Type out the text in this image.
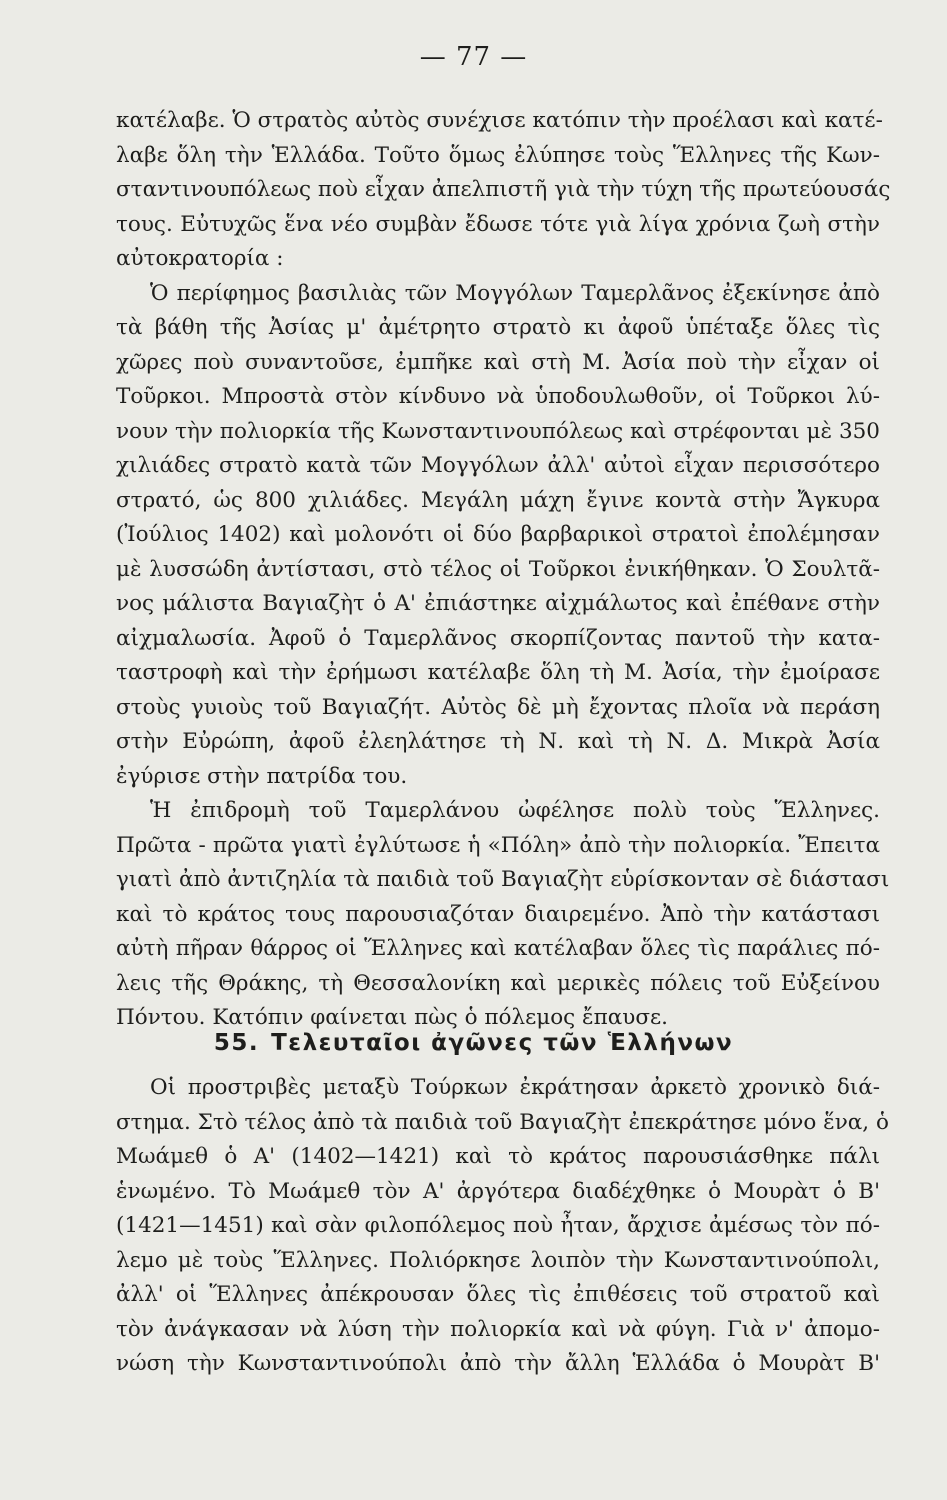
— 77 —
κατέλαβε. Ὁ στρατὸς αὐτὸς συνέχισε κατόπιν τὴν προέλασι καὶ κατέ-
λαβε ὅλη τὴν Ἑλλάδα. Τοῦτο ὅμως ἐλύπησε τοὺς Ἕλληνες τῆς Κων-
σταντινουπόλεως ποὺ εἶχαν ἀπελπιστῆ γιὰ τὴν τύχη τῆς πρωτεύουσάς
τους. Εὐτυχῶς ἕνα νέο συμβὰν ἔδωσε τότε γιὰ λίγα χρόνια ζωὴ στὴν
αὐτοκρατορία :
Ὁ περίφημος βασιλιὰς τῶν Μογγόλων Ταμερλᾶνος ἐξεκίνησε ἀπὸ
τὰ βάθη τῆς Ἀσίας μ' ἀμέτρητο στρατὸ κι ἀφοῦ ὑπέταξε ὅλες τὶς
χῶρες ποὺ συναντοῦσε, ἐμπῆκε καὶ στὴ Μ. Ἀσία ποὺ τὴν εἶχαν οἱ
Τοῦρκοι. Μπροστὰ στὸν κίνδυνο νὰ ὑποδουλωθοῦν, οἱ Τοῦρκοι λύ-
νουν τὴν πολιορκία τῆς Κωνσταντινουπόλεως καὶ στρέφονται μὲ 350
χιλιάδες στρατὸ κατὰ τῶν Μογγόλων ἀλλ' αὐτοὶ εἶχαν περισσότερο
στρατό, ὡς 800 χιλιάδες. Μεγάλη μάχη ἔγινε κοντὰ στὴν Ἄγκυρα
(Ἰούλιος 1402) καὶ μολονότι οἱ δύο βαρβαρικοὶ στρατοὶ ἐπολέμησαν
μὲ λυσσώδη ἀντίστασι, στὸ τέλος οἱ Τοῦρκοι ἐνικήθηκαν. Ὁ Σουλτᾶ-
νος μάλιστα Βαγιαζὴτ ὁ Α' ἐπιάστηκε αἰχμάλωτος καὶ ἐπέθανε στὴν
αἰχμαλωσία. Ἀφοῦ ὁ Ταμερλᾶνος σκορπίζοντας παντοῦ τὴν κατα-
ταστροφὴ καὶ τὴν ἐρήμωσι κατέλαβε ὅλη τὴ Μ. Ἀσία, τὴν ἐμοίρασε
στοὺς γυιοὺς τοῦ Βαγιαζήτ. Αὐτὸς δὲ μὴ ἔχοντας πλοῖα νὰ περάση
στὴν Εὐρώπη, ἀφοῦ ἐλεηλάτησε τὴ Ν. καὶ τὴ Ν. Δ. Μικρὰ Ἀσία
ἐγύρισε στὴν πατρίδα του.
Ἡ ἐπιδρομὴ τοῦ Ταμερλάνου ὠφέλησε πολὺ τοὺς Ἕλληνες.
Πρῶτα - πρῶτα γιατὶ ἐγλύτωσε ἡ «Πόλη» ἀπὸ τὴν πολιορκία. Ἔπειτα
γιατὶ ἀπὸ ἀντιζηλία τὰ παιδιὰ τοῦ Βαγιαζὴτ εὑρίσκονταν σὲ διάστασι
καὶ τὸ κράτος τους παρουσιαζόταν διαιρεμένο. Ἀπὸ τὴν κατάστασι
αὐτὴ πῆραν θάρρος οἱ Ἕλληνες καὶ κατέλαβαν ὅλες τὶς παράλιες πό-
λεις τῆς Θράκης, τὴ Θεσσαλονίκη καὶ μερικὲς πόλεις τοῦ Εὐξείνου
Πόντου. Κατόπιν φαίνεται πὼς ὁ πόλεμος ἔπαυσε.
55. Τελευταῖοι ἀγῶνες τῶν Ἑλλήνων
Οἱ προστριβὲς μεταξὺ Τούρκων ἐκράτησαν ἀρκετὸ χρονικὸ διά-
στημα. Στὸ τέλος ἀπὸ τὰ παιδιὰ τοῦ Βαγιαζὴτ ἐπεκράτησε μόνο ἕνα, ὁ
Μωάμεθ ὁ Α' (1402—1421) καὶ τὸ κράτος παρουσιάσθηκε πάλι
ἑνωμένο. Τὸ Μωάμεθ τὸν Α' ἀργότερα διαδέχθηκε ὁ Μουρὰτ ὁ Β'
(1421—1451) καὶ σὰν φιλοπόλεμος ποὺ ἦταν, ἄρχισε ἀμέσως τὸν πό-
λεμο μὲ τοὺς Ἕλληνες. Πολιόρκησε λοιπὸν τὴν Κωνσταντινούπολι,
ἀλλ' οἱ Ἕλληνες ἀπέκρουσαν ὅλες τὶς ἐπιθέσεις τοῦ στρατοῦ καὶ
τὸν ἀνάγκασαν νὰ λύση τὴν πολιορκία καὶ νὰ φύγη. Γιὰ ν' ἀπομο-
νώση τὴν Κωνσταντινούπολι ἀπὸ τὴν ἄλλη Ἑλλάδα ὁ Μουρὰτ Β'
